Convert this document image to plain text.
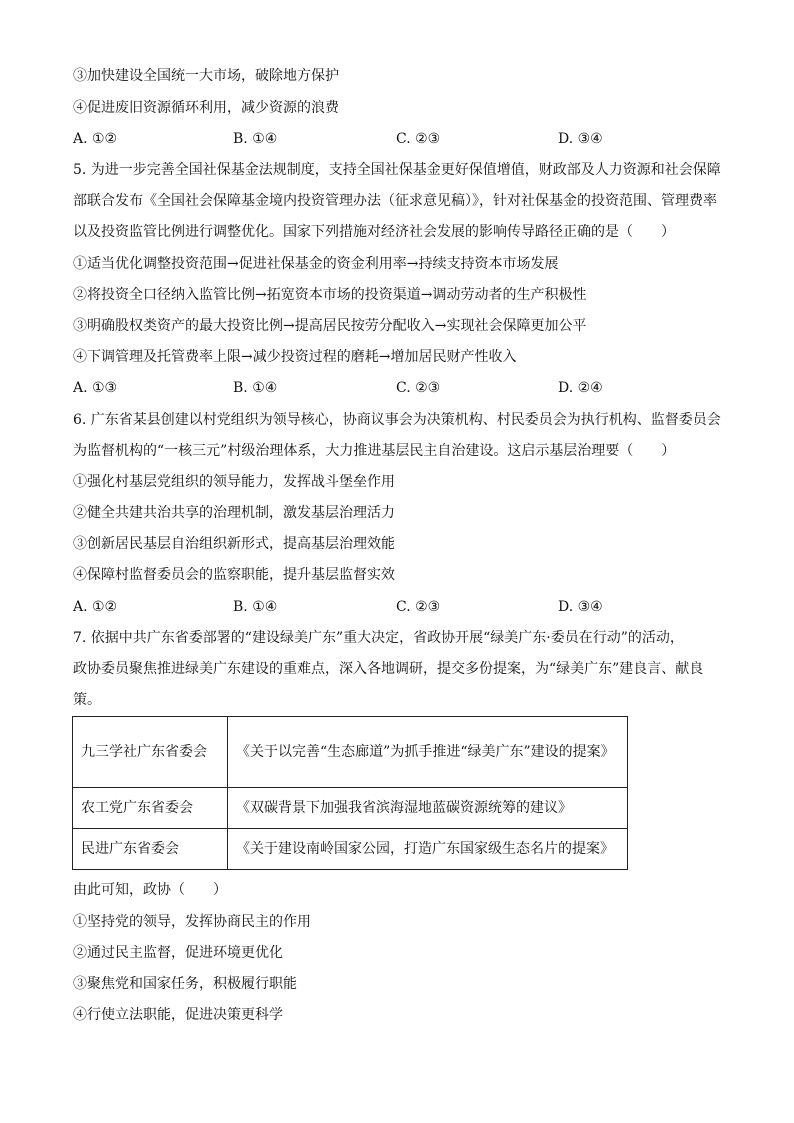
③加快建设全国统一大市场，破除地方保护
④促进废旧资源循环利用，减少资源的浪费
A. ①②	B. ①④	C. ②③	D. ③④
5. 为进一步完善全国社保基金法规制度，支持全国社保基金更好保值增值，财政部及人力资源和社会保障
部联合发布《全国社会保障基金境内投资管理办法（征求意见稿）》，针对社保基金的投资范围、管理费率
以及投资监管比例进行调整优化。国家下列措施对经济社会发展的影响传导路径正确的是（　　）
①适当优化调整投资范围→促进社保基金的资金利用率→持续支持资本市场发展
②将投资全口径纳入监管比例→拓宽资本市场的投资渠道→调动劳动者的生产积极性
③明确股权类资产的最大投资比例→提高居民按劳分配收入→实现社会保障更加公平
④下调管理及托管费率上限→减少投资过程的磨耗→增加居民财产性收入
A. ①③	B. ①④	C. ②③	D. ②④
6. 广东省某县创建以村党组织为领导核心，协商议事会为决策机构、村民委员会为执行机构、监督委员会
为监督机构的“一核三元”村级治理体系，大力推进基层民主自治建设。这启示基层治理要（　　）
①强化村基层党组织的领导能力，发挥战斗堡垒作用
②健全共建共治共享的治理机制，激发基层治理活力
③创新居民基层自治组织新形式，提高基层治理效能
④保障村监督委员会的监察职能，提升基层监督实效
A. ①②	B. ①④	C. ②③	D. ③④
7. 依据中共广东省委部署的“建设绿美广东”重大决定，省政协开展“绿美广东·委员在行动”的活动，
政协委员聚焦推进绿美广东建设的重难点，深入各地调研，提交多份提案，为“绿美广东”建良言、献良
策。
九三学社广东省委会	《关于以完善“生态廊道”为抓手推进“绿美广东”建设的提案》
农工党广东省委会	《双碳背景下加强我省滨海湿地蓝碳资源统筹的建议》
民进广东省委会	《关于建设南岭国家公园，打造广东国家级生态名片的提案》
由此可知，政协（　　）
①坚持党的领导，发挥协商民主的作用
②通过民主监督，促进环境更优化
③聚焦党和国家任务，积极履行职能
④行使立法职能，促进决策更科学
